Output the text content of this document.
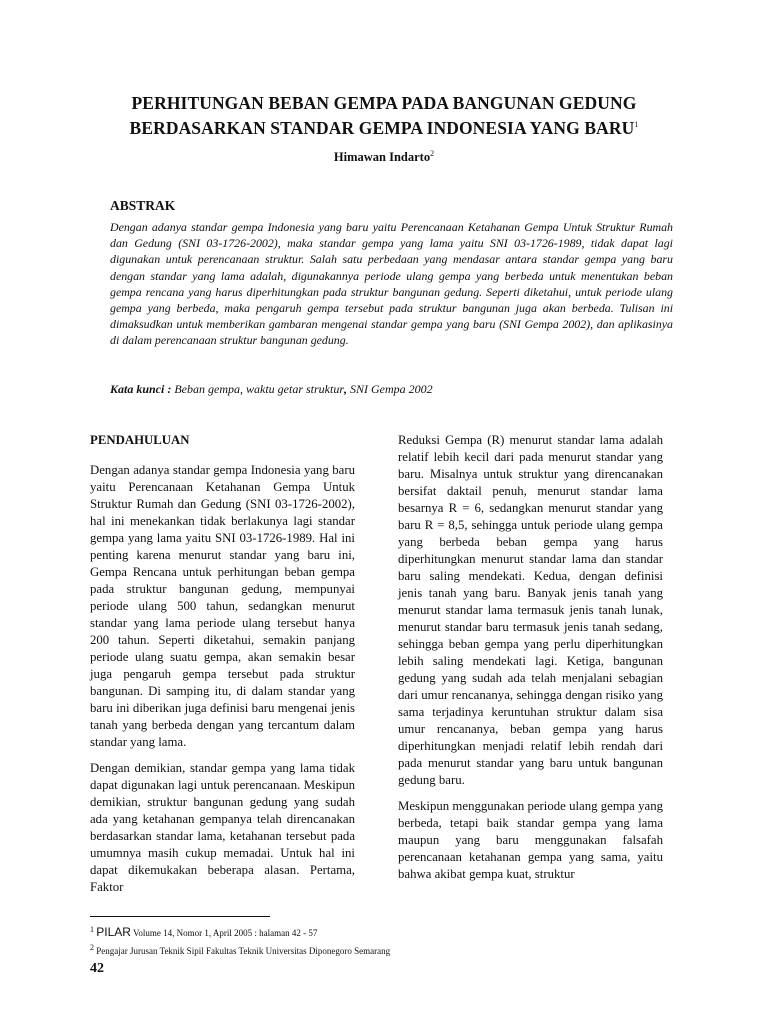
PERHITUNGAN BEBAN GEMPA PADA BANGUNAN GEDUNG
BERDASARKAN STANDAR GEMPA INDONESIA YANG BARU$^1$
Himawan Indarto$^2$
ABSTRAK

Dengan adanya standar gempa Indonesia yang baru yaitu Perencanaan Ketahanan Gempa Untuk Struktur Rumah dan Gedung (SNI 03-1726-2002), maka standar gempa yang lama yaitu SNI 03-1726-1989, tidak dapat lagi digunakan untuk perencanaan struktur. Salah satu perbedaan yang mendasar antara standar gempa yang baru dengan standar yang lama adalah, digunakannya periode ulang gempa yang berbeda untuk menentukan beban gempa rencana yang harus diperhitungkan pada struktur bangunan gedung. Seperti diketahui, untuk periode ulang gempa yang berbeda, maka pengaruh gempa tersebut pada struktur bangunan juga akan berbeda. Tulisan ini dimaksudkan untuk memberikan gambaran mengenai standar gempa yang baru (SNI Gempa 2002), dan aplikasinya di dalam perencanaan struktur bangunan gedung.

Kata kunci : Beban gempa, waktu getar struktur, SNI Gempa 2002
PENDAHULUAN

Dengan adanya standar gempa Indonesia yang baru yaitu Perencanaan Ketahanan Gempa Untuk Struktur Rumah dan Gedung (SNI 03-1726-2002), hal ini menekankan tidak berlakunya lagi standar gempa yang lama yaitu SNI 03-1726-1989. Hal ini penting karena menurut standar yang baru ini, Gempa Rencana untuk perhitungan beban gempa pada struktur bangunan gedung, mempunyai periode ulang 500 tahun, sedangkan menurut standar yang lama periode ulang tersebut hanya 200 tahun. Seperti diketahui, semakin panjang periode ulang suatu gempa, akan semakin besar juga pengaruh gempa tersebut pada struktur bangunan. Di samping itu, di dalam standar yang baru ini diberikan juga definisi baru mengenai jenis tanah yang berbeda dengan yang tercantum dalam standar yang lama.

Dengan demikian, standar gempa yang lama tidak dapat digunakan lagi untuk perencanaan. Meskipun demikian, struktur bangunan gedung yang sudah ada yang ketahanan gempanya telah direncanakan berdasarkan standar lama, ketahanan tersebut pada umumnya masih cukup memadai. Untuk hal ini dapat dikemukakan beberapa alasan. Pertama, Faktor

Reduksi Gempa (R) menurut standar lama adalah relatif lebih kecil dari pada menurut standar yang baru. Misalnya untuk struktur yang direncanakan bersifat daktail penuh, menurut standar lama besarnya R = 6, sedangkan menurut standar yang baru R = 8,5, sehingga untuk periode ulang gempa yang berbeda beban gempa yang harus diperhitungkan menurut standar lama dan standar baru saling mendekati. Kedua, dengan definisi jenis tanah yang baru. Banyak jenis tanah yang menurut standar lama termasuk jenis tanah lunak, menurut standar baru termasuk jenis tanah sedang, sehingga beban gempa yang perlu diperhitungkan lebih saling mendekati lagi. Ketiga, bangunan gedung yang sudah ada telah menjalani sebagian dari umur rencananya, sehingga dengan risiko yang sama terjadinya keruntuhan struktur dalam sisa umur rencananya, beban gempa yang harus diperhitungkan menjadi relatif lebih rendah dari pada menurut standar yang baru untuk bangunan gedung baru.

Meskipun menggunakan periode ulang gempa yang berbeda, tetapi baik standar gempa yang lama maupun yang baru menggunakan falsafah perencanaan ketahanan gempa yang sama, yaitu bahwa akibat gempa kuat, struktur

$^1$ PILAR Volume 14, Nomor 1, April 2005 : halaman 42 - 57
$^2$ Pengajar Jurusan Teknik Sipil Fakultas Teknik Universitas Diponegoro Semarang
42
